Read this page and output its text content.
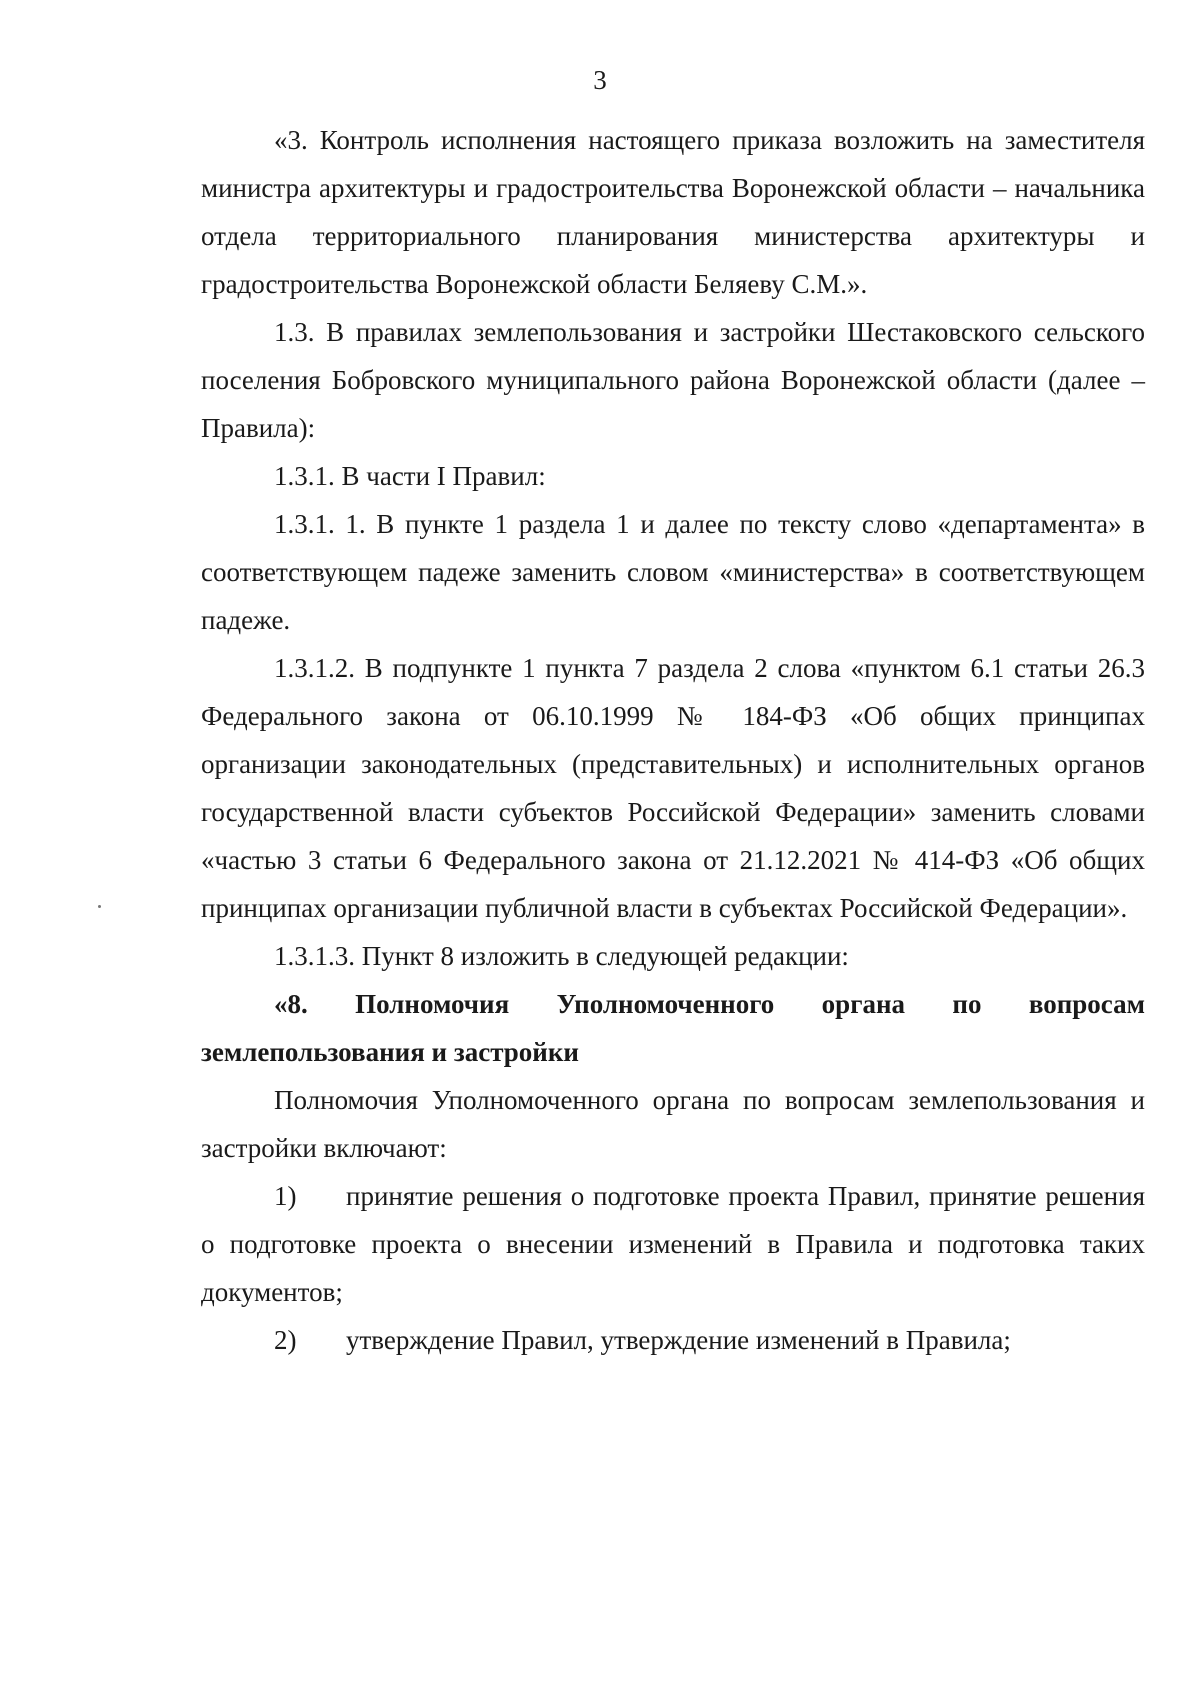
3

«3. Контроль исполнения настоящего приказа возложить на заместителя министра архитектуры и градостроительства Воронежской области – начальника отдела территориального планирования министерства архитектуры и градостроительства Воронежской области Беляеву С.М.».

1.3. В правилах землепользования и застройки Шестаковского сельского поселения Бобровского муниципального района Воронежской области (далее – Правила):

1.3.1. В части I Правил:

1.3.1. 1. В пункте 1 раздела 1 и далее по тексту слово «департамента» в соответствующем падеже заменить словом «министерства» в соответствующем падеже.

1.3.1.2. В подпункте 1 пункта 7 раздела 2 слова «пунктом 6.1 статьи 26.3 Федерального закона от 06.10.1999 № 184-ФЗ «Об общих принципах организации законодательных (представительных) и исполнительных органов государственной власти субъектов Российской Федерации» заменить словами «частью 3 статьи 6 Федерального закона от 21.12.2021 № 414-ФЗ «Об общих принципах организации публичной власти в субъектах Российской Федерации».

1.3.1.3. Пункт 8 изложить в следующей редакции:

«8. Полномочия Уполномоченного органа по вопросам землепользования и застройки

Полномочия Уполномоченного органа по вопросам землепользования и застройки включают:

1) принятие решения о подготовке проекта Правил, принятие решения о подготовке проекта о внесении изменений в Правила и подготовка таких документов;

2) утверждение Правил, утверждение изменений в Правила;
